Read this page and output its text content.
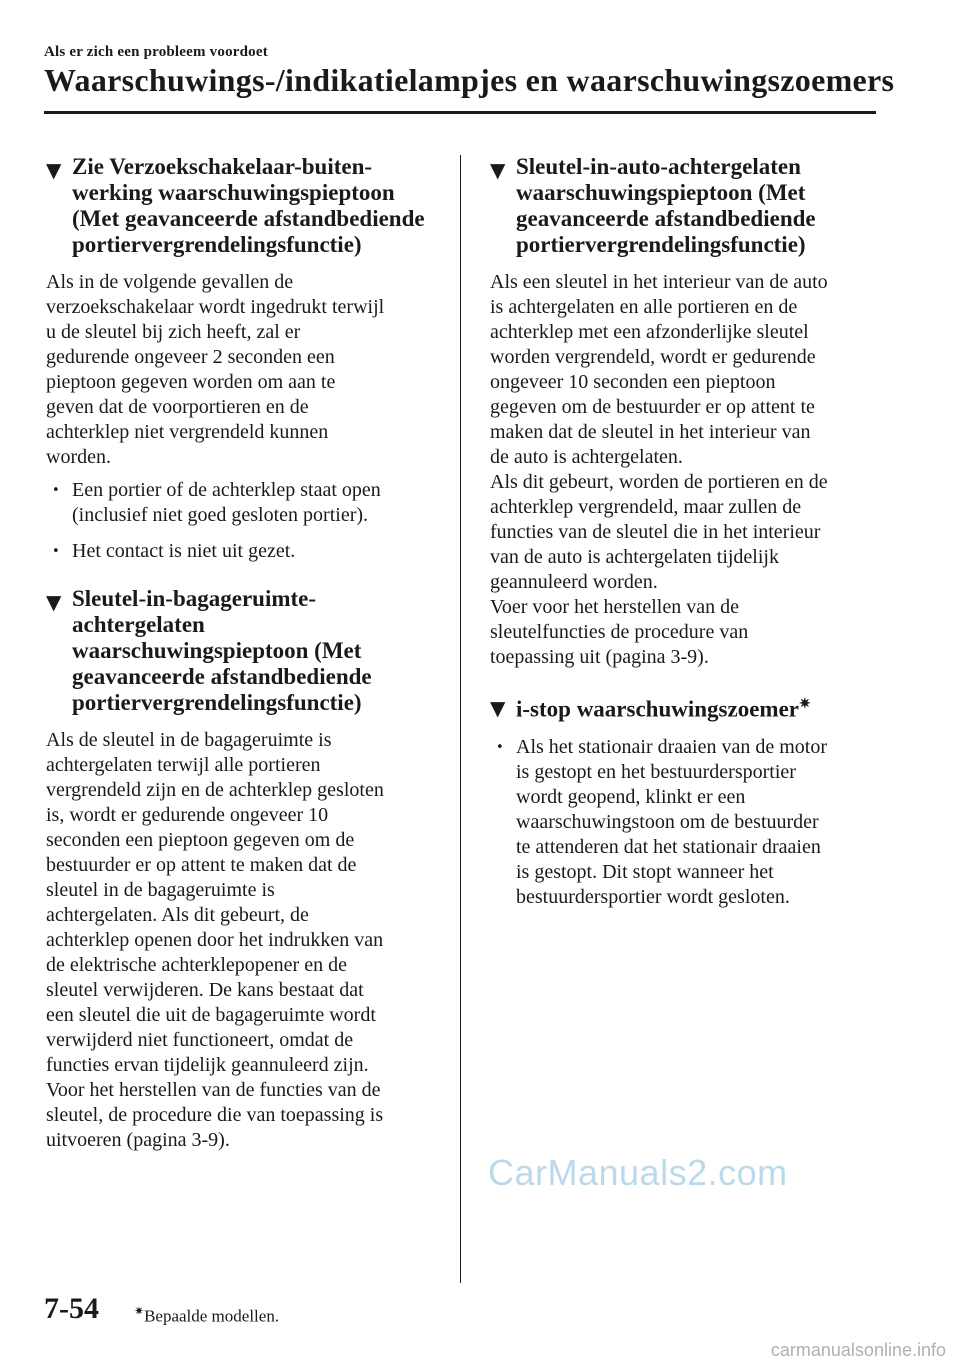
Als er zich een probleem voordoet
Waarschuwings-/indikatielampjes en waarschuwingszoemers
▼ Zie Verzoekschakelaar-buiten-
werking waarschuwingspieptoon
(Met geavanceerde afstandbediende
portiervergrendelingsfunctie)

Als in de volgende gevallen de
verzoekschakelaar wordt ingedrukt terwijl
u de sleutel bij zich heeft, zal er
gedurende ongeveer 2 seconden een
pieptoon gegeven worden om aan te
geven dat de voorportieren en de
achterklep niet vergrendeld kunnen
worden.

• Een portier of de achterklep staat open
(inclusief niet goed gesloten portier).
• Het contact is niet uit gezet.
▼ Sleutel-in-bagageruimte-
achtergelaten
waarschuwingspieptoon (Met
geavanceerde afstandbediende
portiervergrendelingsfunctie)

Als de sleutel in de bagageruimte is
achtergelaten terwijl alle portieren
vergrendeld zijn en de achterklep gesloten
is, wordt er gedurende ongeveer 10
seconden een pieptoon gegeven om de
bestuurder er op attent te maken dat de
sleutel in de bagageruimte is
achtergelaten. Als dit gebeurt, de
achterklep openen door het indrukken van
de elektrische achterklepopener en de
sleutel verwijderen. De kans bestaat dat
een sleutel die uit de bagageruimte wordt
verwijderd niet functioneert, omdat de
functies ervan tijdelijk geannuleerd zijn.
Voor het herstellen van de functies van de
sleutel, de procedure die van toepassing is
uitvoeren (pagina 3-9).

▼ Sleutel-in-auto-achtergelaten
waarschuwingspieptoon (Met
geavanceerde afstandbediende
portiervergrendelingsfunctie)

Als een sleutel in het interieur van de auto
is achtergelaten en alle portieren en de
achterklep met een afzonderlijke sleutel
worden vergrendeld, wordt er gedurende
ongeveer 10 seconden een pieptoon
gegeven om de bestuurder er op attent te
maken dat de sleutel in het interieur van
de auto is achtergelaten.
Als dit gebeurt, worden de portieren en de
achterklep vergrendeld, maar zullen de
functies van de sleutel die in het interieur
van de auto is achtergelaten tijdelijk
geannuleerd worden.
Voer voor het herstellen van de
sleutelfuncties de procedure van
toepassing uit (pagina 3-9).

▼ i-stop waarschuwingszoemer✷
• Als het stationair draaien van de motor
is gestopt en het bestuurdersportier
wordt geopend, klinkt er een
waarschuwingstoon om de bestuurder
te attenderen dat het stationair draaien
is gestopt. Dit stopt wanneer het
bestuurdersportier wordt gesloten.
CarManuals2.com
7-54	✷Bepaalde modellen.
carmanualsonline.info
